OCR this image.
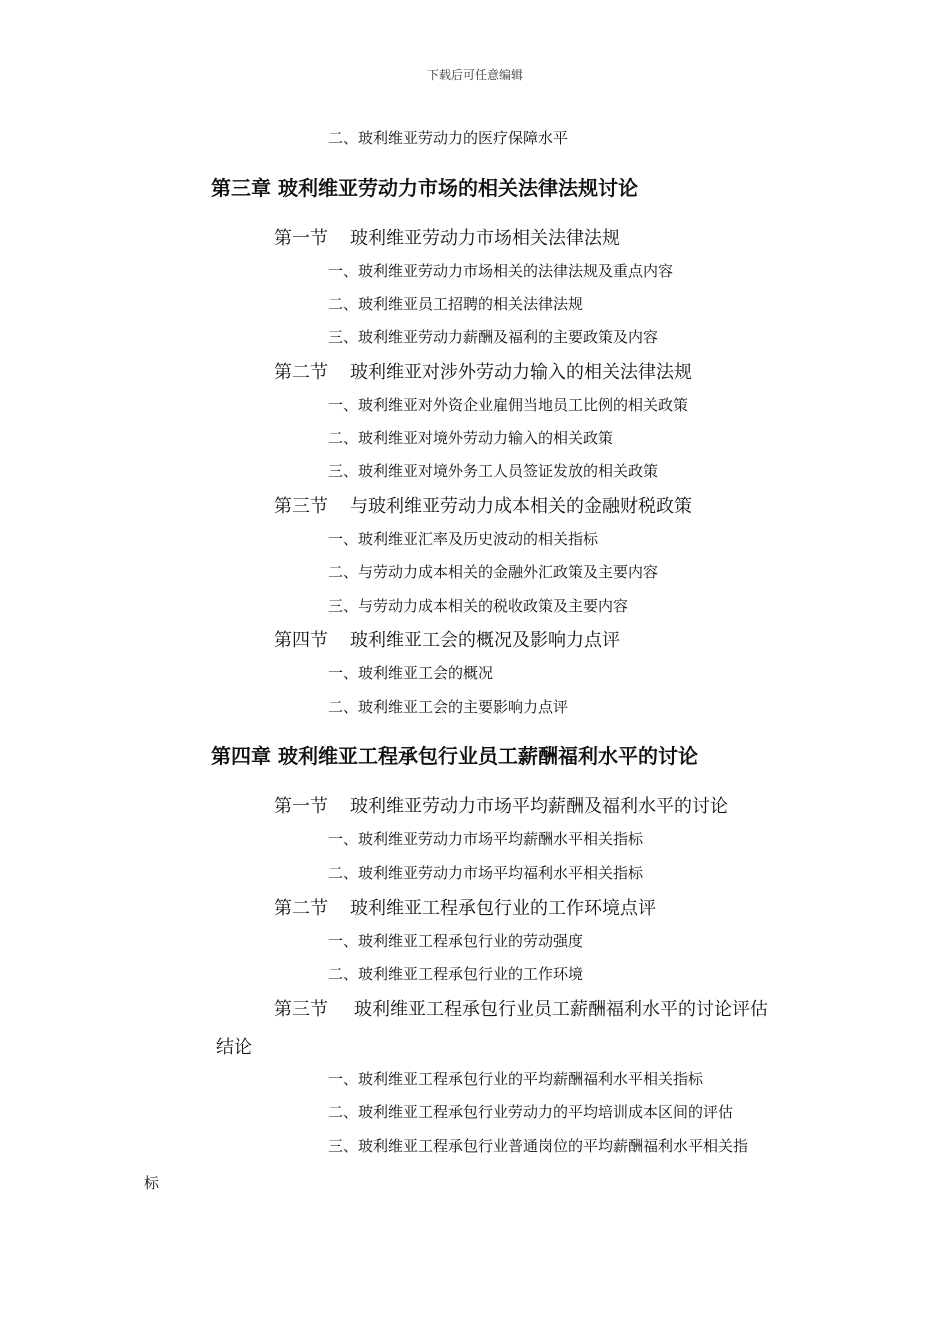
下载后可任意编辑
二、玻利维亚劳动力的医疗保障水平
第三章 玻利维亚劳动力市场的相关法律法规讨论
第一节 玻利维亚劳动力市场相关法律法规
一、玻利维亚劳动力市场相关的法律法规及重点内容
二、玻利维亚员工招聘的相关法律法规
三、玻利维亚劳动力薪酬及福利的主要政策及内容
第二节 玻利维亚对涉外劳动力输入的相关法律法规
一、玻利维亚对外资企业雇佣当地员工比例的相关政策
二、玻利维亚对境外劳动力输入的相关政策
三、玻利维亚对境外务工人员签证发放的相关政策
第三节 与玻利维亚劳动力成本相关的金融财税政策
一、玻利维亚汇率及历史波动的相关指标
二、与劳动力成本相关的金融外汇政策及主要内容
三、与劳动力成本相关的税收政策及主要内容
第四节 玻利维亚工会的概况及影响力点评
一、玻利维亚工会的概况
二、玻利维亚工会的主要影响力点评
第四章 玻利维亚工程承包行业员工薪酬福利水平的讨论
第一节 玻利维亚劳动力市场平均薪酬及福利水平的讨论
一、玻利维亚劳动力市场平均薪酬水平相关指标
二、玻利维亚劳动力市场平均福利水平相关指标
第二节 玻利维亚工程承包行业的工作环境点评
一、玻利维亚工程承包行业的劳动强度
二、玻利维亚工程承包行业的工作环境
第三节 玻利维亚工程承包行业员工薪酬福利水平的讨论评估
结论
一、玻利维亚工程承包行业的平均薪酬福利水平相关指标
二、玻利维亚工程承包行业劳动力的平均培训成本区间的评估
三、玻利维亚工程承包行业普通岗位的平均薪酬福利水平相关指
标
